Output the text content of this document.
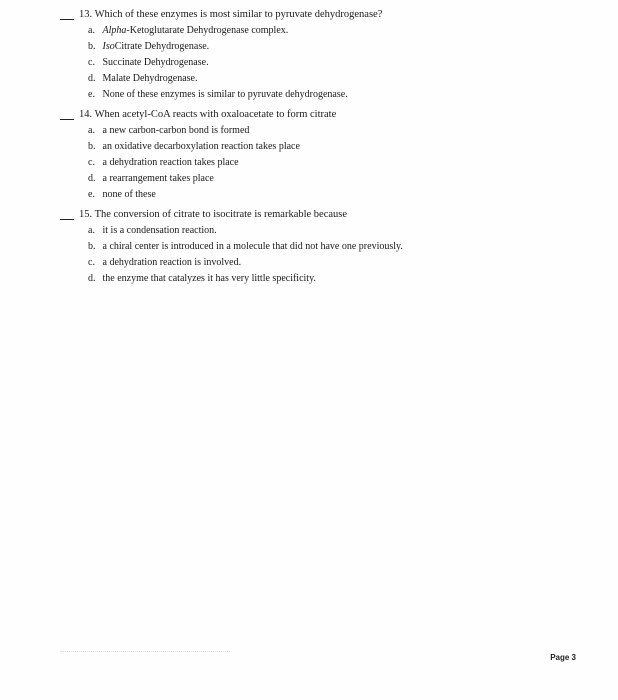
13. Which of these enzymes is most similar to pyruvate dehydrogenase?
a. Alpha-Ketoglutarate Dehydrogenase complex.
b. IsoCitrate Dehydrogenase.
c. Succinate Dehydrogenase.
d. Malate Dehydrogenase.
e. None of these enzymes is similar to pyruvate dehydrogenase.
14. When acetyl-CoA reacts with oxaloacetate to form citrate
a. a new carbon-carbon bond is formed
b. an oxidative decarboxylation reaction takes place
c. a dehydration reaction takes place
d. a rearrangement takes place
e. none of these
15. The conversion of citrate to isocitrate is remarkable because
a. it is a condensation reaction.
b. a chiral center is introduced in a molecule that did not have one previously.
c. a dehydration reaction is involved.
d. the enzyme that catalyzes it has very little specificity.
Page 3
